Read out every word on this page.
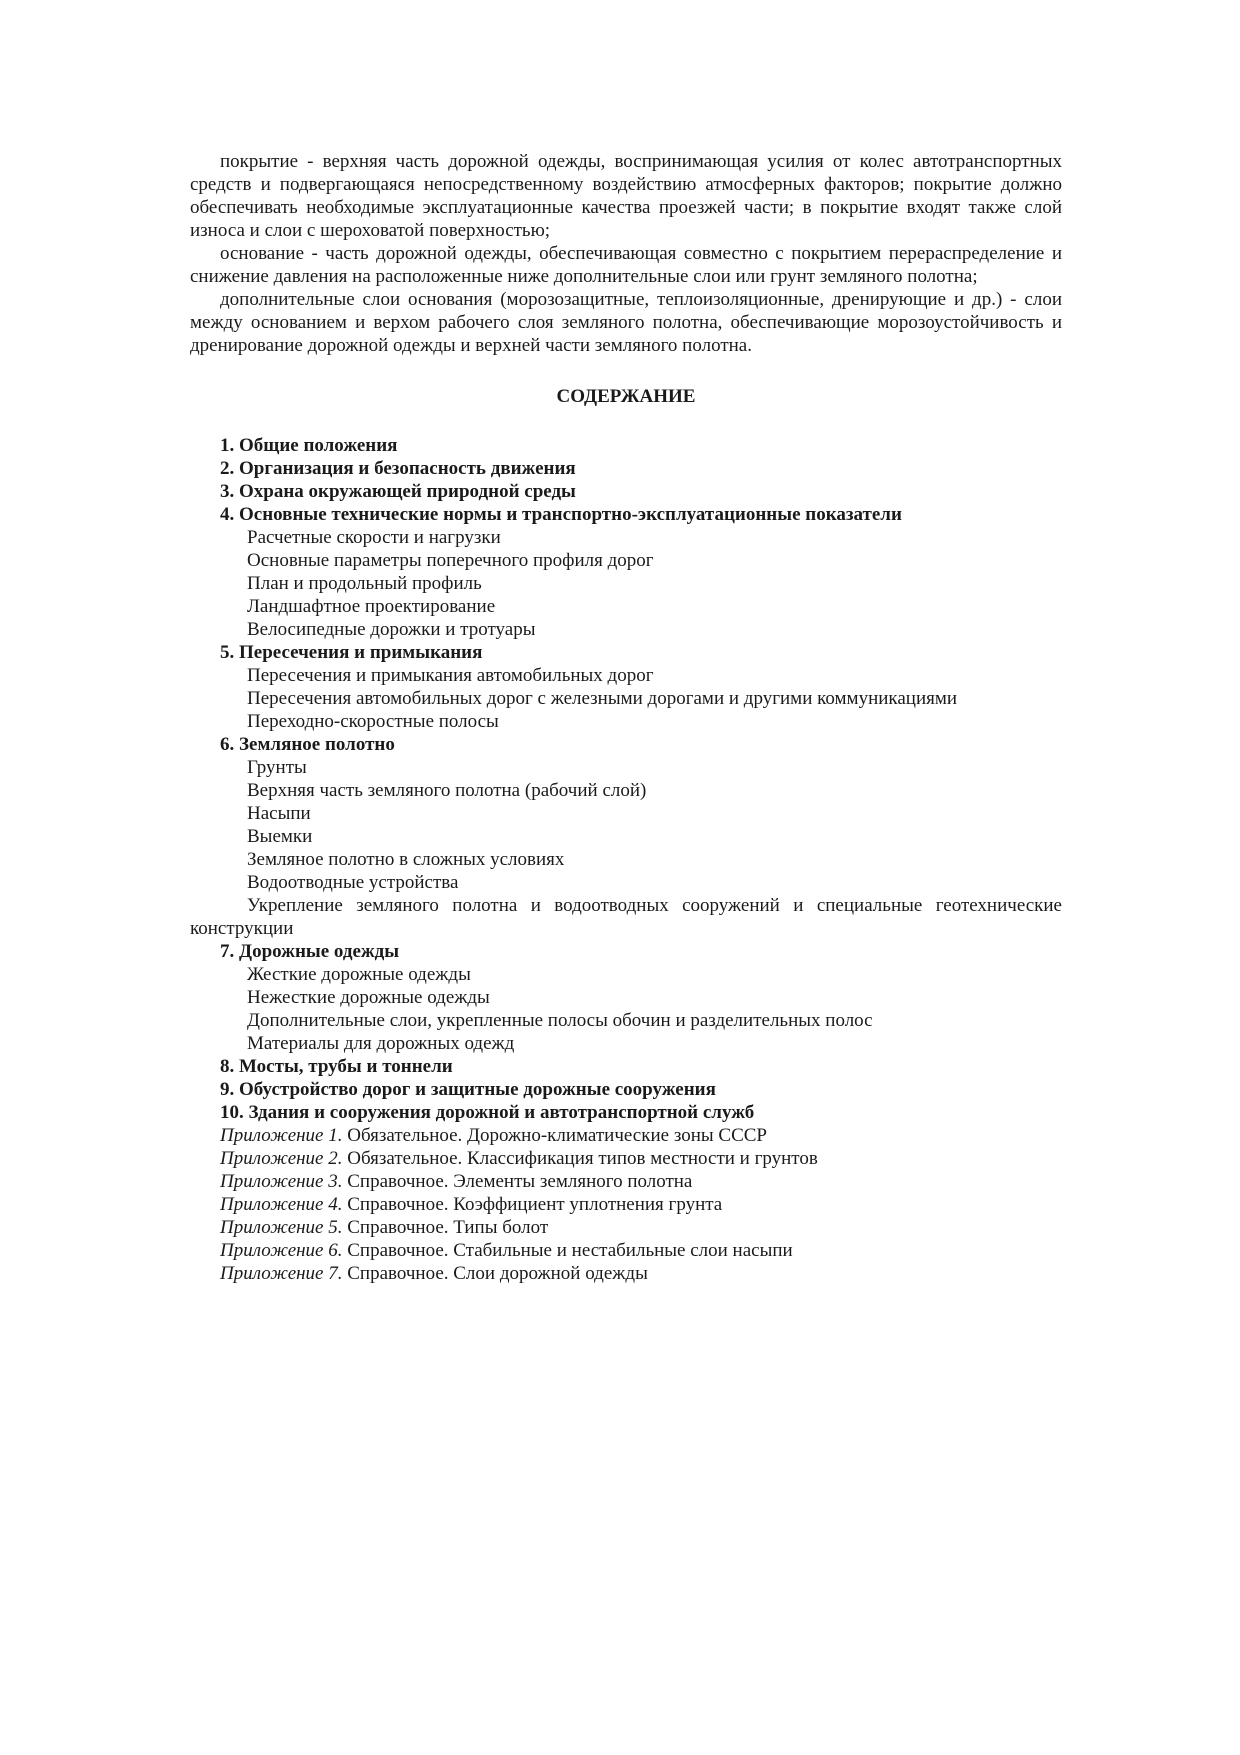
покрытие - верхняя часть дорожной одежды, воспринимающая усилия от колес автотранспортных средств и подвергающаяся непосредственному воздействию атмосферных факторов; покрытие должно обеспечивать необходимые эксплуатационные качества проезжей части; в покрытие входят также слой износа и слои с шероховатой поверхностью;

основание - часть дорожной одежды, обеспечивающая совместно с покрытием перераспределение и снижение давления на расположенные ниже дополнительные слои или грунт земляного полотна;

дополнительные слои основания (морозозащитные, теплоизоляционные, дренирующие и др.) - слои между основанием и верхом рабочего слоя земляного полотна, обеспечивающие морозоустойчивость и дренирование дорожной одежды и верхней части земляного полотна.

СОДЕРЖАНИЕ
1. Общие положения
2. Организация и безопасность движения
3. Охрана окружающей природной среды
4. Основные технические нормы и транспортно-эксплуатационные показатели
Расчетные скорости и нагрузки
Основные параметры поперечного профиля дорог
План и продольный профиль
Ландшафтное проектирование
Велосипедные дорожки и тротуары
5. Пересечения и примыкания
Пересечения и примыкания автомобильных дорог
Пересечения автомобильных дорог с железными дорогами и другими коммуникациями
Переходно-скоростные полосы
6. Земляное полотно
Грунты
Верхняя часть земляного полотна (рабочий слой)
Насыпи
Выемки
Земляное полотно в сложных условиях
Водоотводные устройства
Укрепление земляного полотна и водоотводных сооружений и специальные геотехнические конструкции
7. Дорожные одежды
Жесткие дорожные одежды
Нежесткие дорожные одежды
Дополнительные слои, укрепленные полосы обочин и разделительных полос
Материалы для дорожных одежд
8. Мосты, трубы и тоннели
9. Обустройство дорог и защитные дорожные сооружения
10. Здания и сооружения дорожной и автотранспортной служб
Приложение 1. Обязательное. Дорожно-климатические зоны СССР
Приложение 2. Обязательное. Классификация типов местности и грунтов
Приложение 3. Справочное. Элементы земляного полотна
Приложение 4. Справочное. Коэффициент уплотнения грунта
Приложение 5. Справочное. Типы болот
Приложение 6. Справочное. Стабильные и нестабильные слои насыпи
Приложение 7. Справочное. Слои дорожной одежды
